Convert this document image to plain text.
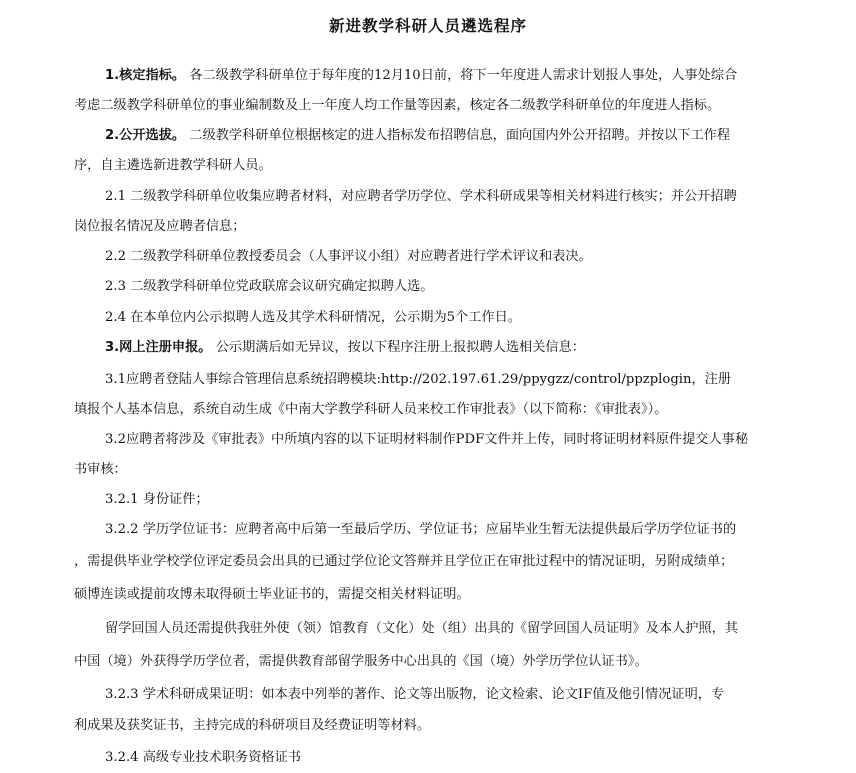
新进教学科研人员遴选程序
1.核定指标。 各二级教学科研单位于每年度的12月10日前，将下一年度进人需求计划报人事处，人事处综合
考虑二级教学科研单位的事业编制数及上一年度人均工作量等因素，核定各二级教学科研单位的年度进人指标。
2.公开选拔。 二级教学科研单位根据核定的进人指标发布招聘信息，面向国内外公开招聘。并按以下工作程
序，自主遴选新进教学科研人员。
2.1 二级教学科研单位收集应聘者材料，对应聘者学历学位、学术科研成果等相关材料进行核实；并公开招聘
岗位报名情况及应聘者信息；
2.2 二级教学科研单位教授委员会（人事评议小组）对应聘者进行学术评议和表决。
2.3 二级教学科研单位党政联席会议研究确定拟聘人选。
2.4 在本单位内公示拟聘人选及其学术科研情况，公示期为5个工作日。
3.网上注册申报。 公示期满后如无异议，按以下程序注册上报拟聘人选相关信息：
3.1应聘者登陆人事综合管理信息系统招聘模块:http://202.197.61.29/ppygzz/control/ppzplogin，注册
填报个人基本信息，系统自动生成《中南大学教学科研人员来校工作审批表》（以下简称：《审批表》）。
3.2应聘者将涉及《审批表》中所填内容的以下证明材料制作PDF文件并上传，同时将证明材料原件提交人事秘
书审核：
3.2.1 身份证件；
3.2.2 学历学位证书：应聘者高中后第一至最后学历、学位证书；应届毕业生暂无法提供最后学历学位证书的
，需提供毕业学校学位评定委员会出具的已通过学位论文答辩并且学位正在审批过程中的情况证明，另附成绩单；
硕博连读或提前攻博未取得硕士毕业证书的，需提交相关材料证明。
留学回国人员还需提供我驻外使（领）馆教育（文化）处（组）出具的《留学回国人员证明》及本人护照，其
中国（境）外获得学历学位者，需提供教育部留学服务中心出具的《国（境）外学历学位认证书》。
3.2.3 学术科研成果证明：如本表中列举的著作、论文等出版物，论文检索、论文IF值及他引情况证明，专
利成果及获奖证书，主持完成的科研项目及经费证明等材料。
3.2.4 高级专业技术职务资格证书
